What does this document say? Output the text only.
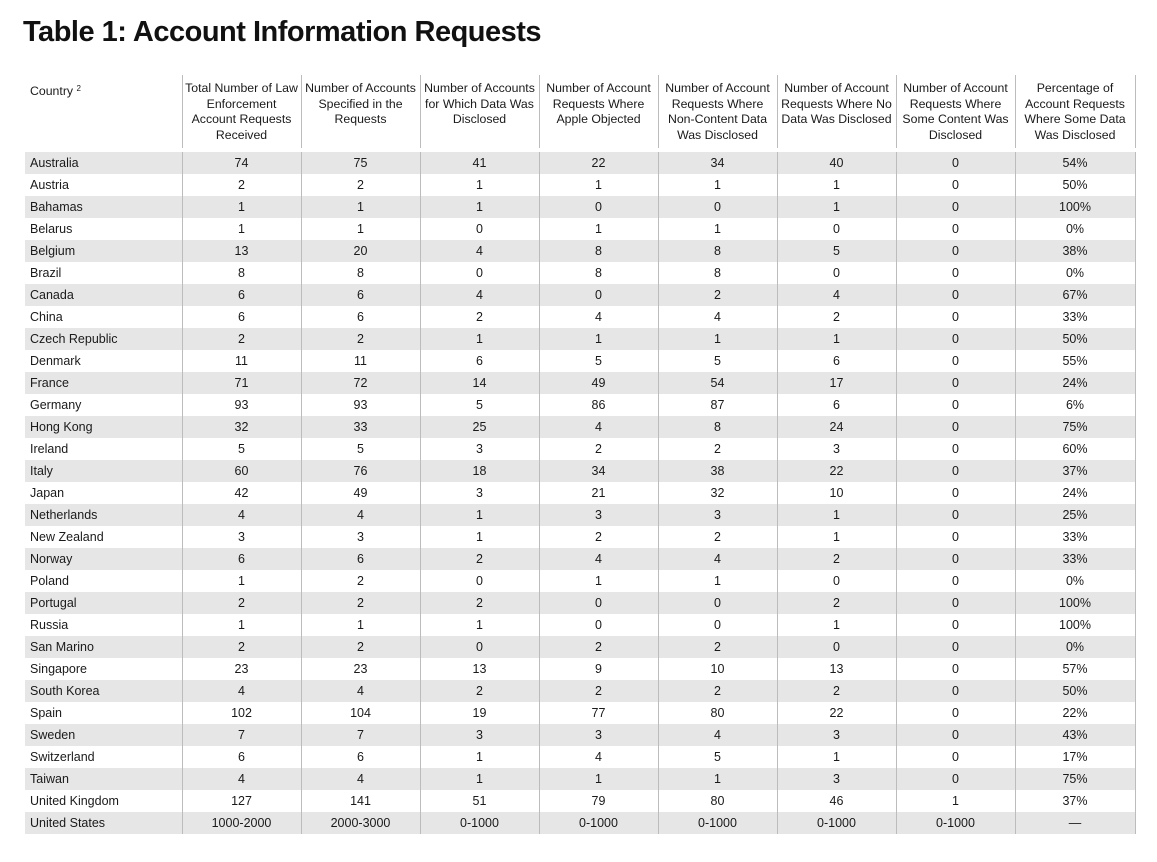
Table 1: Account Information Requests
Country $^2$	Total Number of Law Enforcement Account Requests Received	Number of Accounts Specified in the Requests	Number of Accounts for Which Data Was Disclosed	Number of Account Requests Where Apple Objected	Number of Account Requests Where Non-Content Data Was Disclosed	Number of Account Requests Where No Data Was Disclosed	Number of Account Requests Where Some Content Was Disclosed	Percentage of Account Requests Where Some Data Was Disclosed
Australia	74	75	41	22	34	40	0	54%
Austria	2	2	1	1	1	1	0	50%
Bahamas	1	1	1	0	0	1	0	100%
Belarus	1	1	0	1	1	0	0	0%
Belgium	13	20	4	8	8	5	0	38%
Brazil	8	8	0	8	8	0	0	0%
Canada	6	6	4	0	2	4	0	67%
China	6	6	2	4	4	2	0	33%
Czech Republic	2	2	1	1	1	1	0	50%
Denmark	11	11	6	5	5	6	0	55%
France	71	72	14	49	54	17	0	24%
Germany	93	93	5	86	87	6	0	6%
Hong Kong	32	33	25	4	8	24	0	75%
Ireland	5	5	3	2	2	3	0	60%
Italy	60	76	18	34	38	22	0	37%
Japan	42	49	3	21	32	10	0	24%
Netherlands	4	4	1	3	3	1	0	25%
New Zealand	3	3	1	2	2	1	0	33%
Norway	6	6	2	4	4	2	0	33%
Poland	1	2	0	1	1	0	0	0%
Portugal	2	2	2	0	0	2	0	100%
Russia	1	1	1	0	0	1	0	100%
San Marino	2	2	0	2	2	0	0	0%
Singapore	23	23	13	9	10	13	0	57%
South Korea	4	4	2	2	2	2	0	50%
Spain	102	104	19	77	80	22	0	22%
Sweden	7	7	3	3	4	3	0	43%
Switzerland	6	6	1	4	5	1	0	17%
Taiwan	4	4	1	1	1	3	0	75%
United Kingdom	127	141	51	79	80	46	1	37%
United States	1000-2000	2000-3000	0-1000	0-1000	0-1000	0-1000	0-1000	—
